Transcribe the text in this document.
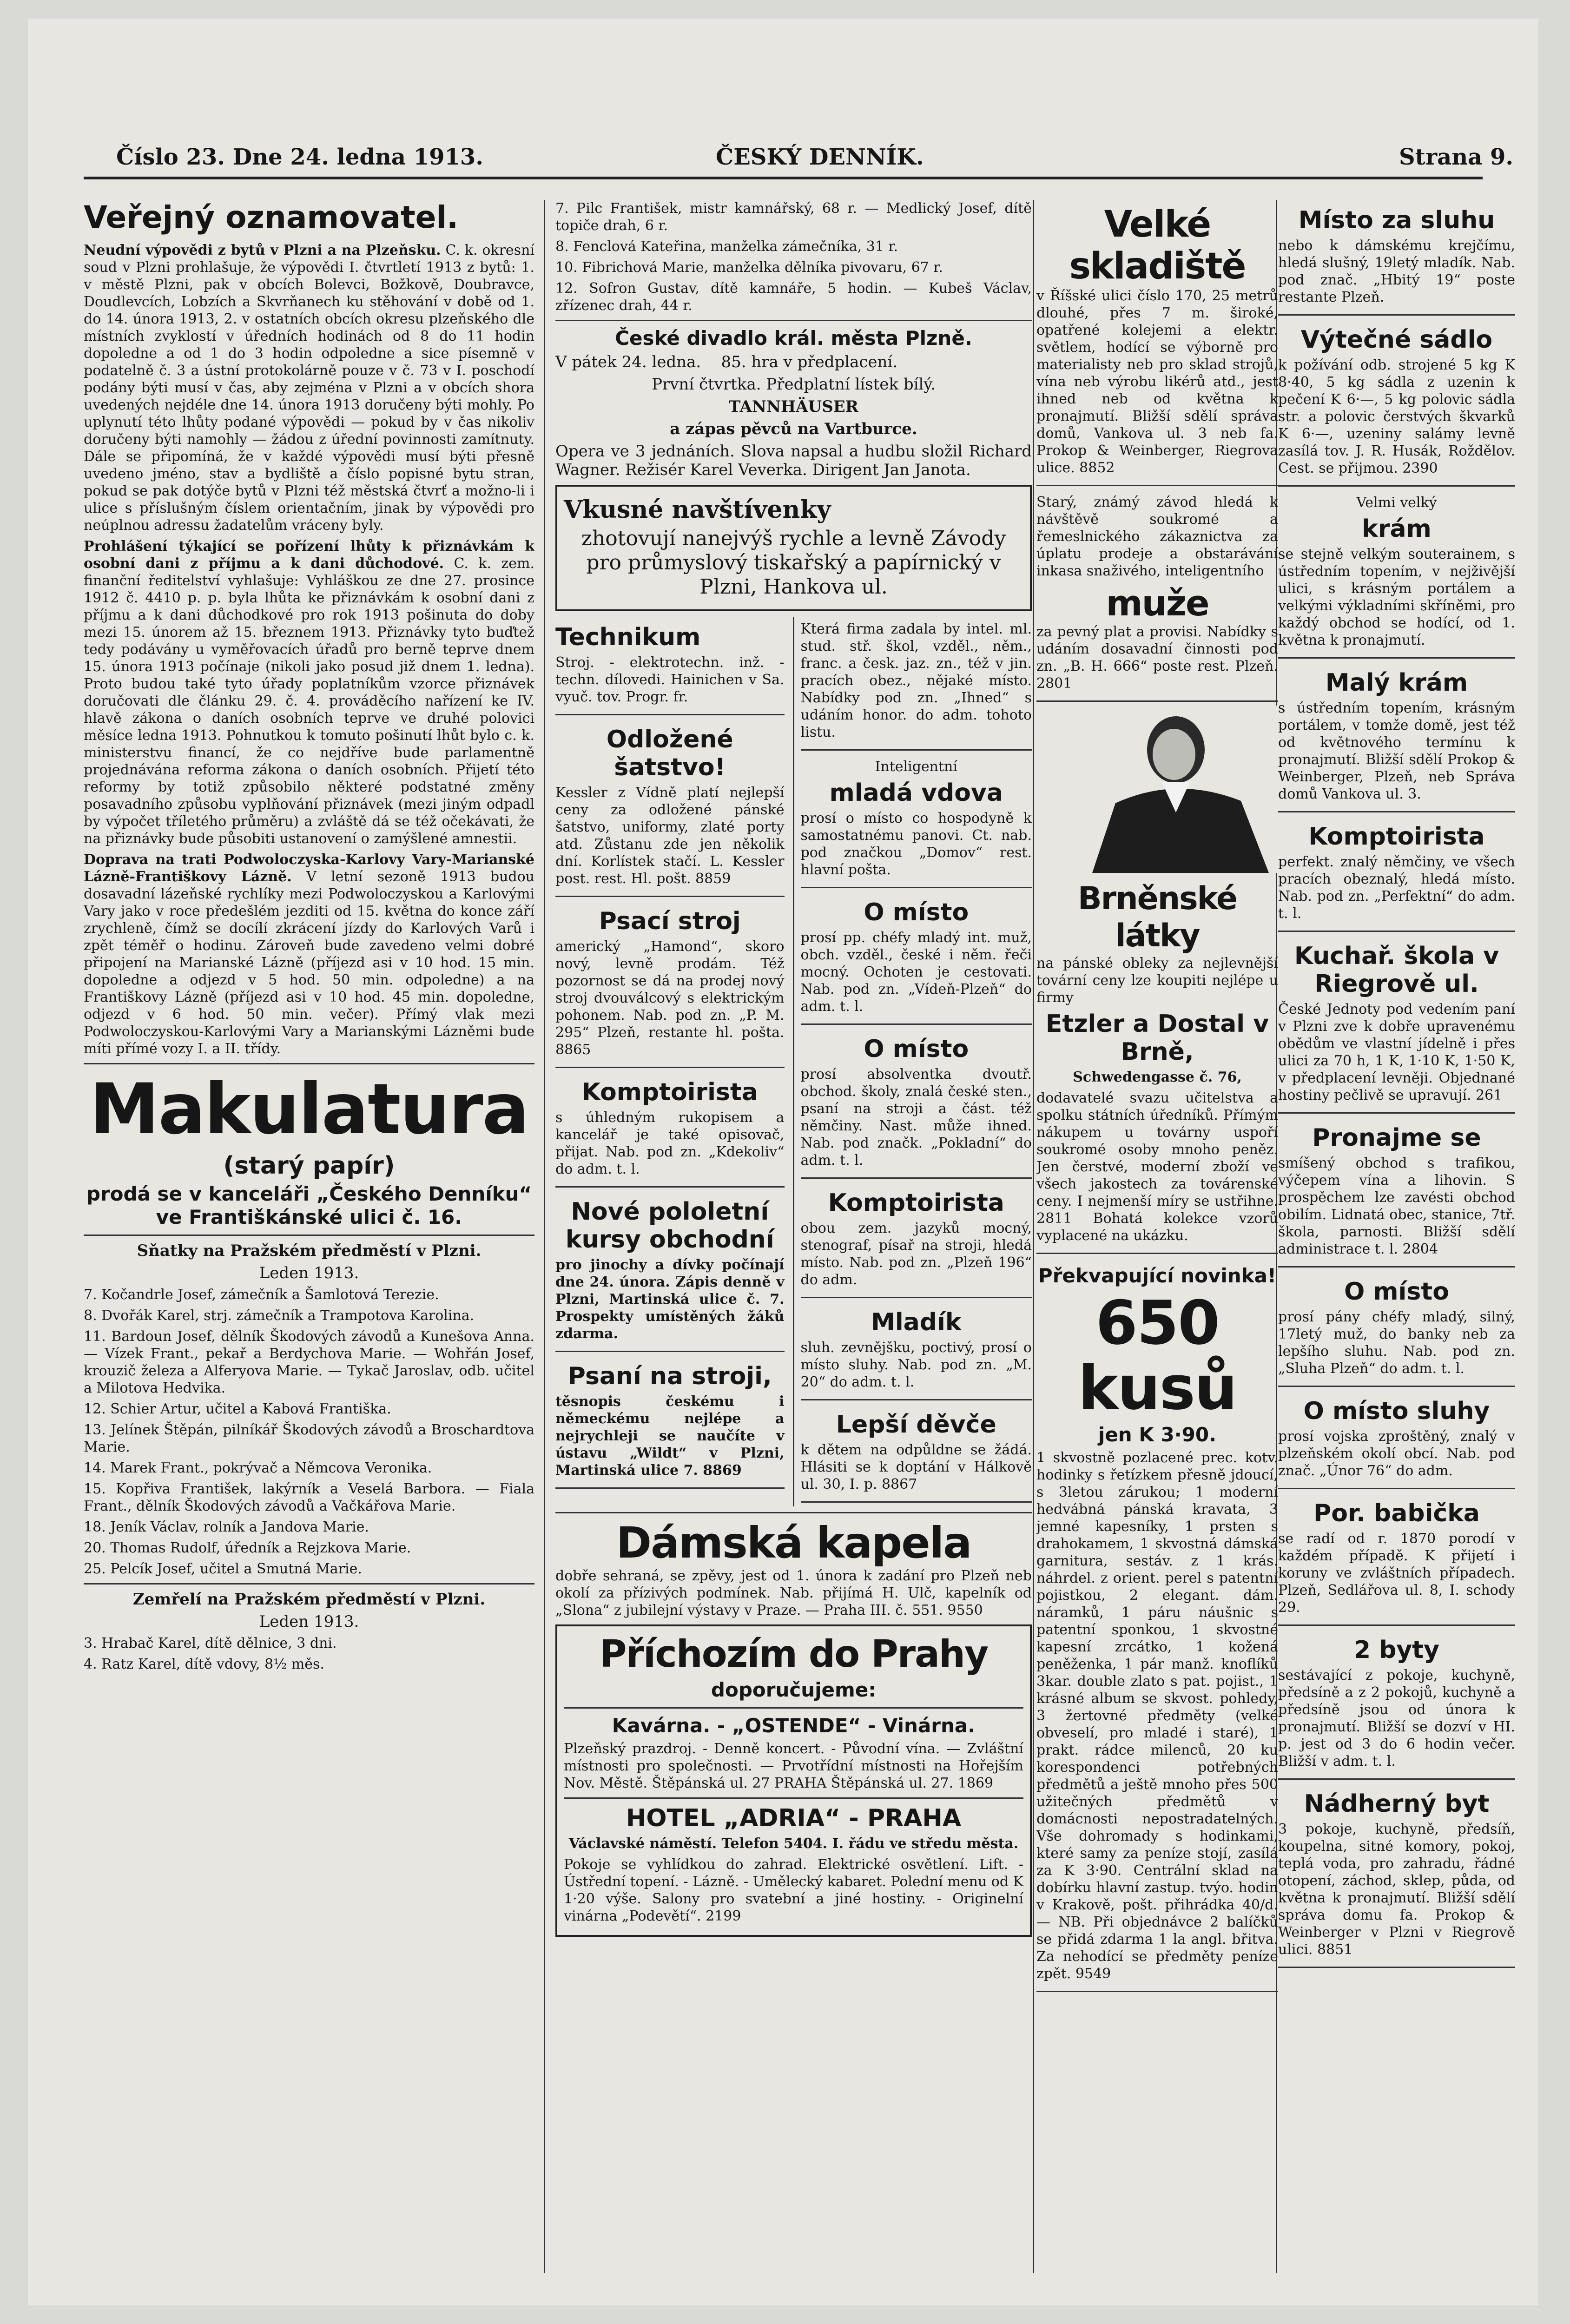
Číslo 23. Dne 24. ledna 1913.	ČESKÝ DENNÍK.	Strana 9.
Veřejný oznamovatel.

Neudní výpovědi z bytů v Plzni a na Plzeňsku. C. k. okresní soud v Plzni prohlašuje, že výpovědi I. čtvrtletí 1913 z bytů: 1. v městě Plzni, pak v obcích Bolevci, Božkově, Doubravce, Doudlevcích, Lobzích a Skvrňanech ku stěhování v době od 1. do 14. února 1913, 2. v ostatních obcích okresu plzeňského dle místních zvyklostí v úředních hodinách od 8 do 11 hodin dopoledne a od 1 do 3 hodin odpoledne a sice písemně v podatelně č. 3 a ústní protokolárně pouze v č. 73 v I. poschodí podány býti musí v čas, aby zejména v Plzni a v obcích shora uvedených nejdéle dne 14. února 1913 doručeny býti mohly. Po uplynutí této lhůty podané výpovědi — pokud by v čas nikoliv doručeny býti namohly — žádou z úřední povinnosti zamítnuty. Dále se připomíná, že v každé výpovědi musí býti přesně uvedeno jméno, stav a bydliště a číslo popisné bytu stran, pokud se pak dotýče bytů v Plzni též městská čtvrť a možno-li i ulice s příslušným číslem orientačním, jinak by výpovědi pro neúplnou adressu žadatelům vráceny byly.

Prohlášení týkající se pořízení lhůty k přiznávkám k osobní dani z příjmu a k dani důchodové. C. k. zem. finanční ředitelství vyhlašuje: Vyhláškou ze dne 27. prosince 1912 č. 4410 p. p. byla lhůta ke přiznávkám k osobní dani z příjmu a k dani důchodkové pro rok 1913 pošinuta do doby mezi 15. únorem až 15. březnem 1913. Přiznávky tyto buďtež tedy podávány u vyměřovacích úřadů pro berně teprve dnem 15. února 1913 počínaje (nikoli jako posud již dnem 1. ledna). Proto budou také tyto úřady poplatníkům vzorce přiznávek doručovati dle článku 29. č. 4. prováděcího nařízení ke IV. hlavě zákona o daních osobních teprve ve druhé polovici měsíce ledna 1913. Pohnutkou k tomuto pošinutí lhůt bylo c. k. ministerstvu financí, že co nejdříve bude parlamentně projednávána reforma zákona o daních osobních. Přijetí této reformy by totiž způsobilo některé podstatné změny posavadního způsobu vyplňování přiznávek (mezi jiným odpadl by výpočet tříletého průměru) a zvláště dá se též očekávati, že na přiznávky bude působiti ustanovení o zamýšlené amnestii.

Doprava na trati Podwoloczyska-Karlovy Vary-Marianské Lázně-Františkovy Lázně. V letní sezoně 1913 budou dosavadní lázeňské rychlíky mezi Podwoloczyskou a Karlovými Vary jako v roce předešlém jezditi od 15. května do konce září zrychleně, čímž se docílí zkrácení jízdy do Karlových Varů i zpět téměř o hodinu. Zároveň bude zavedeno velmi dobré připojení na Marianské Lázně (příjezd asi v 10 hod. 15 min. dopoledne a odjezd v 5 hod. 50 min. odpoledne) a na Františkovy Lázně (příjezd asi v 10 hod. 45 min. dopoledne, odjezd v 6 hod. 50 min. večer). Přímý vlak mezi Podwoloczyskou-Karlovými Vary a Marianskými Lázněmi bude míti přímé vozy I. a II. třídy.

Makulatura
(starý papír)
prodá se v kanceláři „Českého Denníku“ ve Františkánské ulici č. 16.

Sňatky na Pražském předměstí v Plzni.

Leden 1913.

7. Kočandrle Josef, zámečník a Šamlotová Terezie.

8. Dvořák Karel, strj. zámečník a Trampotova Karolina.

11. Bardoun Josef, dělník Škodových závodů a Kunešova Anna. — Vízek Frant., pekař a Berdychova Marie. — Wohřán Josef, krouzič železa a Alferyova Marie. — Tykač Jaroslav, odb. učitel a Milotova Hedvika.

12. Schier Artur, učitel a Kabová Františka.

13. Jelínek Štěpán, pilníkář Škodových závodů a Broschardtova Marie.

14. Marek Frant., pokrývač a Němcova Veronika.

15. Kopřiva František, lakýrník a Veselá Barbora. — Fiala Frant., dělník Škodových závodů a Vačkářova Marie.

18. Jeník Václav, rolník a Jandova Marie.

20. Thomas Rudolf, úředník a Rejzkova Marie.

25. Pelcík Josef, učitel a Smutná Marie.

Zemřelí na Pražském předměstí v Plzni.

Leden 1913.

3. Hrabač Karel, dítě dělnice, 3 dni.

4. Ratz Karel, dítě vdovy, 8½ měs.

7. Pilc František, mistr kamnářský, 68 r. — Medlický Josef, dítě topiče drah, 6 r.

8. Fenclová Kateřina, manželka zámečníka, 31 r.

10. Fibrichová Marie, manželka dělníka pivovaru, 67 r.

12. Sofron Gustav, dítě kamnáře, 5 hodin. — Kubeš Václav, zřízenec drah, 44 r.

České divadlo král. města Plzně.

V pátek 24. ledna. 85. hra v předplacení.

První čtvrtka. Předplatní lístek bílý.

TANNHÄUSER

a zápas pěvců na Vartburce.

Opera ve 3 jednáních. Slova napsal a hudbu složil Richard Wagner. Režisér Karel Veverka. Dirigent Jan Janota.

Vkusné navštívenky

zhotovují nanejvýš rychle a levně Závody pro průmyslový tiskařský a papírnický v Plzni, Hankova ul.

Technikum

Stroj. - elektrotechn. inž. - techn. dílovedi. Hainichen v Sa. vyuč. tov. Progr. fr.

Odložené šatstvo!

Kessler z Vídně platí nejlepší ceny za odložené pánské šatstvo, uniformy, zlaté porty atd. Zůstanu zde jen několik dní. Korlístek stačí. L. Kessler post. rest. Hl. pošt. 8859

Psací stroj

americký „Hamond“, skoro nový, levně prodám. Též pozornost se dá na prodej nový stroj dvouválcový s elektrickým pohonem. Nab. pod zn. „P. M. 295“ Plzeň, restante hl. pošta. 8865

Komptoirista

s úhledným rukopisem a kancelář je také opisovač, přijat. Nab. pod zn. „Kdekoliv“ do adm. t. l.

Nové pololetní kursy obchodní

pro jinochy a dívky počínají dne 24. února. Zápis denně v Plzni, Martinská ulice č. 7. Prospekty umístěných žáků zdarma.

Psaní na stroji,

těsnopis českému i německému nejlépe a nejrychleji se naučíte v ústavu „Wildt“ v Plzni, Martinská ulice 7. 8869

Která firma zadala by intel. ml. stud. stř. škol, vzděl., něm., franc. a česk. jaz. zn., též v jin. pracích obez., nějaké místo. Nabídky pod zn. „Ihned“ s udáním honor. do adm. tohoto listu.

Inteligentní

mladá vdova

prosí o místo co hospodyně k samostatnému panovi. Ct. nab. pod značkou „Domov“ rest. hlavní pošta.

O místo

prosí pp. chéfy mladý int. muž, obch. vzděl., české i něm. řeči mocný. Ochoten je cestovati. Nab. pod zn. „Vídeň-Plzeň“ do adm. t. l.

O místo

prosí absolventka dvoutř. obchod. školy, znalá české sten., psaní na stroji a část. též němčiny. Nast. může ihned. Nab. pod značk. „Pokladní“ do adm. t. l.

Komptoirista

obou zem. jazyků mocný, stenograf, písař na stroji, hledá místo. Nab. pod zn. „Plzeň 196“ do adm.

Mladík

sluh. zevnějšku, poctivý, prosí o místo sluhy. Nab. pod zn. „M. 20“ do adm. t. l.

Lepší děvče

k dětem na odpůldne se žádá. Hlásiti se k doptání v Hálkově ul. 30, I. p. 8867

Dámská kapela

dobře sehraná, se zpěvy, jest od 1. února k zadání pro Plzeň neb okolí za přízivých podmínek. Nab. přijímá H. Ulč, kapelník od „Slona“ z jubilejní výstavy v Praze. — Praha III. č. 551. 9550

Příchozím do Prahy
doporučujeme:
Kavárna. - „OSTENDE“ - Vinárna.

Plzeňský prazdroj. - Denně koncert. - Původní vína. — Zvláštní místnosti pro společnosti. — Prvotřídní místnosti na Hořejším Nov. Městě. Štěpánská ul. 27 PRAHA Štěpánská ul. 27. 1869

HOTEL „ADRIA“ - PRAHA

Václavské náměstí. Telefon 5404. I. řádu ve středu města.

Pokoje se vyhlídkou do zahrad. Elektrické osvětlení. Lift. - Ústřední topení. - Lázně. - Umělecký kabaret. Polední menu od K 1·20 výše. Salony pro svatební a jiné hostiny. - Originelní vinárna „Podevětí“. 2199

Velké skladiště

v Říšské ulici číslo 170, 25 metrů dlouhé, přes 7 m. široké, opatřené kolejemi a elektr. světlem, hodící se výborně pro materialisty neb pro sklad strojů, vína neb výrobu likérů atd., jest ihned neb od května k pronajmutí. Bližší sdělí správa domů, Vankova ul. 3 neb fa. Prokop & Weinberger, Riegrova ulice. 8852

Starý, známý závod hledá k návštěvě soukromé a řemeslnického zákaznictva za úplatu prodeje a obstarávání inkasa snaživého, inteligentního

muže

za pevný plat a provisi. Nabídky s udáním dosavadní činnosti pod zn. „B. H. 666“ poste rest. Plzeň. 2801

Brněnské látky

na pánské obleky za nejlevnější tovární ceny lze koupiti nejlépe u firmy

Etzler a Dostal v Brně,

Schwedengasse č. 76,

dodavatelé svazu učitelstva a spolku státních úředníků. Přímým nákupem u továrny uspoří soukromé osoby mnoho peněz. Jen čerstvé, moderní zboží ve všech jakostech za továrenské ceny. I nejmenší míry se ustřihne. 2811 Bohatá kolekce vzorů vyplacené na ukázku.

Překvapující novinka!
650 kusů
jen K 3·90.

1 skvostně pozlacené prec. kotv. hodinky s řetízkem přesně jdoucí, s 3letou zárukou; 1 moderní hedvábná pánská kravata, 3 jemné kapesníky, 1 prsten s drahokamem, 1 skvostná dámská garnitura, sestáv. z 1 krás. náhrdel. z orient. perel s patentní pojistkou, 2 elegant. dám. náramků, 1 páru náušnic s patentní sponkou, 1 skvostné kapesní zrcátko, 1 kožená peněženka, 1 pár manž. knoflíků 3kar. double zlato s pat. pojist., 1 krásné album se skvost. pohledy, 3 žertovné předměty (velké obveselí, pro mladé i staré), 1 prakt. rádce milenců, 20 ku korespondenci potřebných předmětů a ještě mnoho přes 500 užitečných předmětů v domácnosti nepostradatelných. Vše dohromady s hodinkami, které samy za peníze stojí, zasílá za K 3·90. Centrální sklad na dobírku hlavní zastup. tvýo. hodin v Krakově, pošt. přihrádka 40/d. — NB. Při objednávce 2 balíčků se přidá zdarma 1 la angl. břitva. Za nehodící se předměty peníze zpět. 9549

Místo za sluhu

nebo k dámskému krejčímu, hledá slušný, 19letý mladík. Nab. pod znač. „Hbitý 19“ poste restante Plzeň.

Výtečné sádlo

k požívání odb. strojené 5 kg K 8·40, 5 kg sádla z uzenin k pečení K 6·—, 5 kg polovic sádla str. a polovic čerstvých škvarků K 6·—, uzeniny salámy levně zasílá tov. J. R. Husák, Roždělov. Cest. se přijmou. 2390

Velmi velký

krám

se stejně velkým souterainem, s ústředním topením, v nejživější ulici, s krásným portálem a velkými výkladními skříněmi, pro každý obchod se hodící, od 1. května k pronajmutí.

Malý krám

s ústředním topením, krásným portálem, v tomže domě, jest též od květnového termínu k pronajmutí. Bližší sdělí Prokop & Weinberger, Plzeň, neb Správa domů Vankova ul. 3.

Komptoirista

perfekt. znalý němčiny, ve všech pracích obeznalý, hledá místo. Nab. pod zn. „Perfektní“ do adm. t. l.

Kuchař. škola v Riegrově ul.

České Jednoty pod vedením paní v Plzni zve k dobře upravenému obědům ve vlastní jídelně i přes ulici za 70 h, 1 K, 1·10 K, 1·50 K, v předplacení levněji. Objednané hostiny pečlivě se upravují. 261

Pronajme se

smíšený obchod s trafikou, výčepem vína a lihovin. S prospěchem lze zavésti obchod obilím. Lidnatá obec, stanice, 7tř. škola, parnosti. Bližší sdělí administrace t. l. 2804

O místo

prosí pány chéfy mladý, silný, 17letý muž, do banky neb za lepšího sluhu. Nab. pod zn. „Sluha Plzeň“ do adm. t. l.

O místo sluhy

prosí vojska zproštěný, znalý v plzeňském okolí obcí. Nab. pod znač. „Únor 76“ do adm.

Por. babička

se radí od r. 1870 porodí v každém případě. K přijetí i koruny ve zvláštních případech. Plzeň, Sedlářova ul. 8, I. schody 29.

2 byty

sestávající z pokoje, kuchyně, předsíně a z 2 pokojů, kuchyně a předsíně jsou od února k pronajmutí. Bližší se dozví v HI. p. jest od 3 do 6 hodin večer. Bližší v adm. t. l.

Nádherný byt

3 pokoje, kuchyně, předsíň, koupelna, sitné komory, pokoj, teplá voda, pro zahradu, řádné otopení, záchod, sklep, půda, od května k pronajmutí. Bližší sdělí správa domu fa. Prokop & Weinberger v Plzni v Riegrově ulici. 8851
